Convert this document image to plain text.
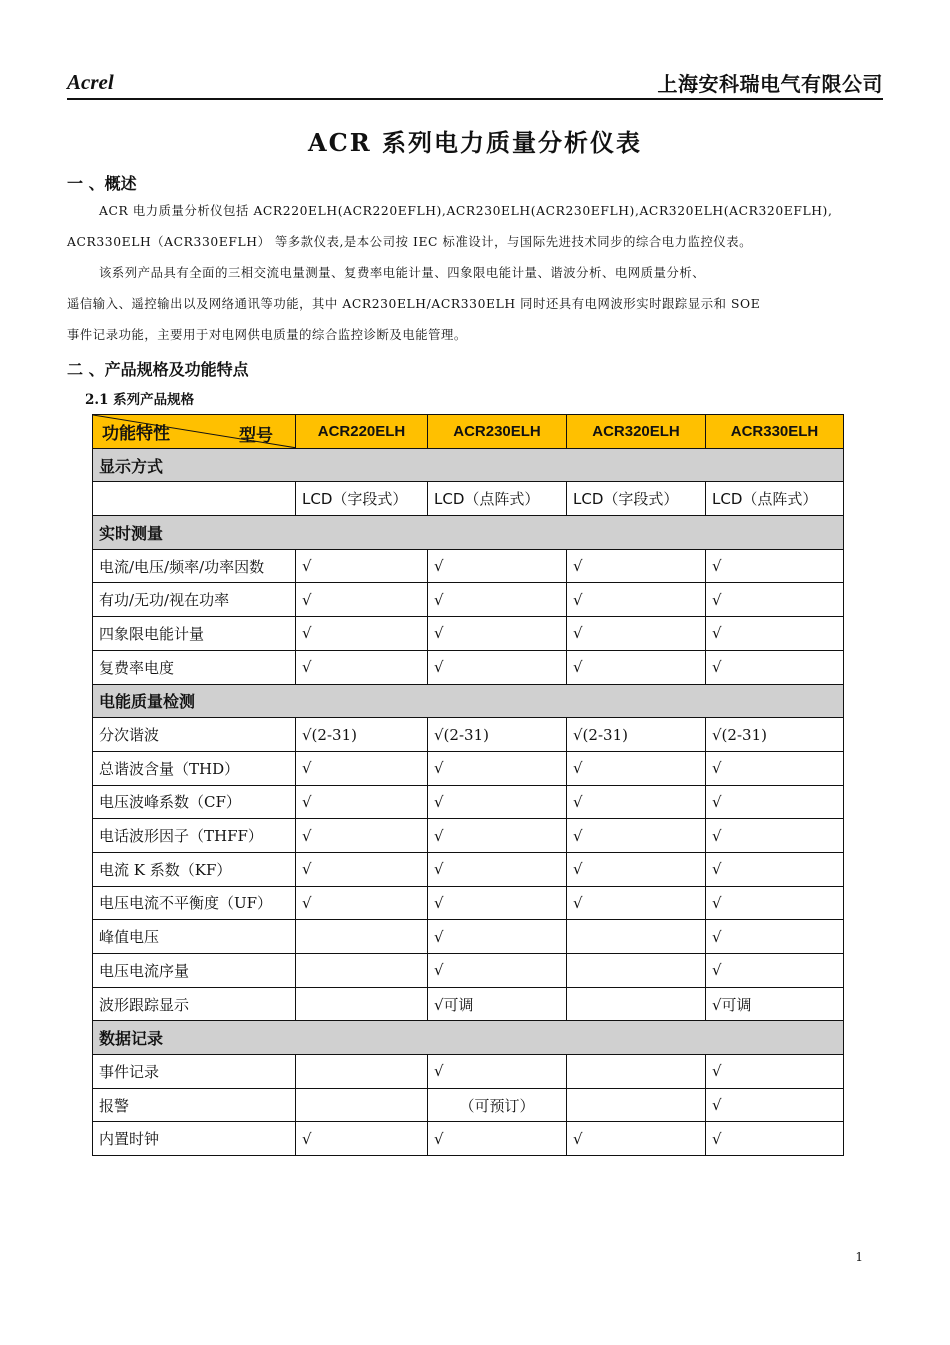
Acrel	上海安科瑞电气有限公司
ACR 系列电力质量分析仪表
一 、概述

ACR 电力质量分析仪包括 ACR220ELH(ACR220EFLH),ACR230ELH(ACR230EFLH),ACR320ELH(ACR320EFLH),

ACR330ELH（ACR330EFLH） 等多款仪表,是本公司按 IEC 标准设计，与国际先进技术同步的综合电力监控仪表。

该系列产品具有全面的三相交流电量测量、复费率电能计量、四象限电能计量、谐波分析、电网质量分析、

遥信输入、遥控输出以及网络通讯等功能，其中 ACR230ELH/ACR330ELH 同时还具有电网波形实时跟踪显示和 SOE

事件记录功能，主要用于对电网供电质量的综合监控诊断及电能管理。

二 、产品规格及功能特点
2.1 系列产品规格
型号
功能特性	ACR220ELH	ACR230ELH	ACR320ELH	ACR330ELH
显示方式				
	LCD（字段式）	LCD（点阵式）	LCD（字段式）	LCD（点阵式）
实时测量				
电流/电压/频率/功率因数	√	√	√	√
有功/无功/视在功率	√	√	√	√
四象限电能计量	√	√	√	√
复费率电度	√	√	√	√
电能质量检测				
分次谐波	√(2-31)	√(2-31)	√(2-31)	√(2-31)
总谐波含量（THD）	√	√	√	√
电压波峰系数（CF）	√	√	√	√
电话波形因子（THFF）	√	√	√	√
电流 K 系数（KF）	√	√	√	√
电压电流不平衡度（UF）	√	√	√	√
峰值电压		√		√
电压电流序量		√		√
波形跟踪显示		√可调		√可调
数据记录				
事件记录		√		√
报警		（可预订）		√
内置时钟	√	√	√	√
1
